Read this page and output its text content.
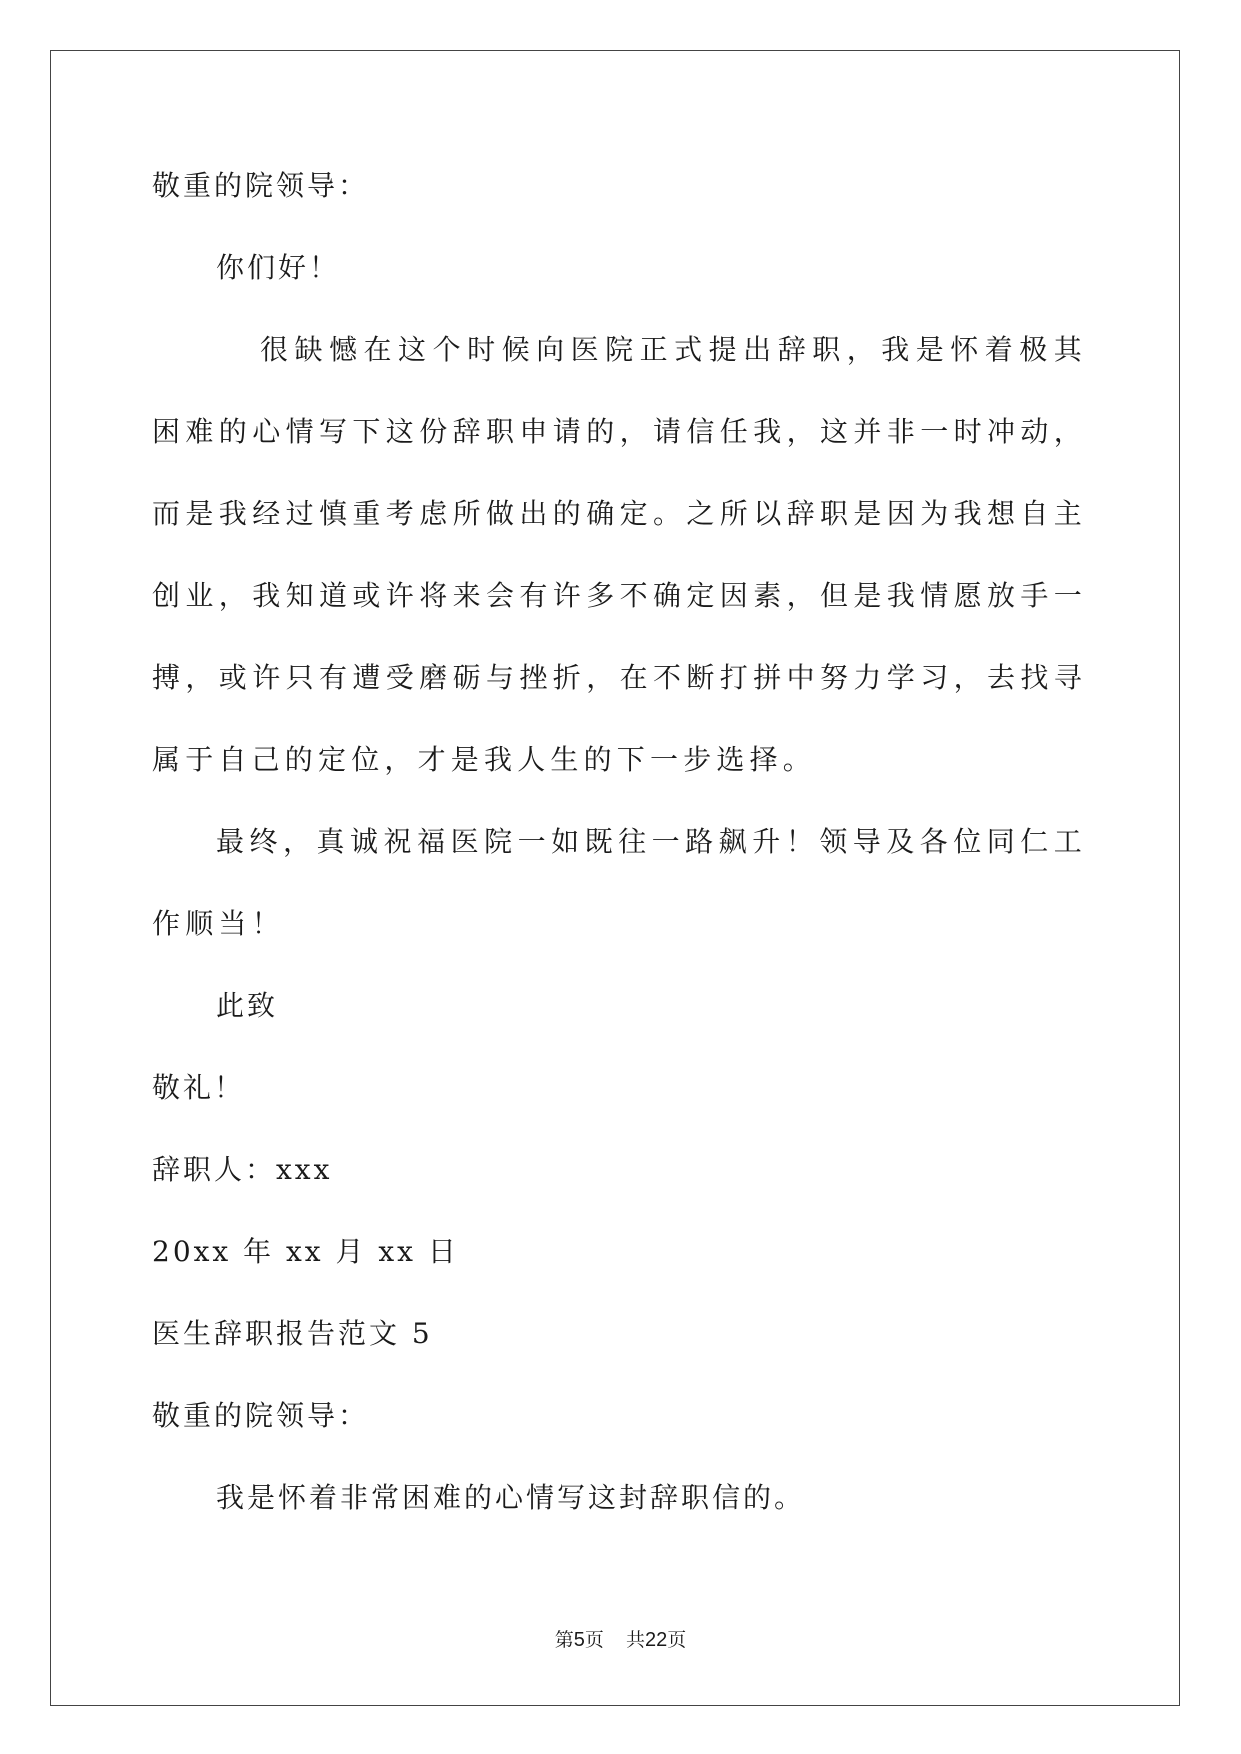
敬重的院领导：
你们好！
很缺憾在这个时候向医院正式提出辞职，我是怀着极其困难的心情写下这份辞职申请的，请信任我，这并非一时冲动，而是我经过慎重考虑所做出的确定。之所以辞职是因为我想自主创业，我知道或许将来会有许多不确定因素，但是我情愿放手一搏，或许只有遭受磨砺与挫折，在不断打拼中努力学习，去找寻属于自己的定位，才是我人生的下一步选择。
最终，真诚祝福医院一如既往一路飙升！领导及各位同仁工作顺当！
此致
敬礼！
辞职人：xxx
20xx 年 xx 月 xx 日
医生辞职报告范文 5
敬重的院领导：
我是怀着非常困难的心情写这封辞职信的。
第5页 共22页
